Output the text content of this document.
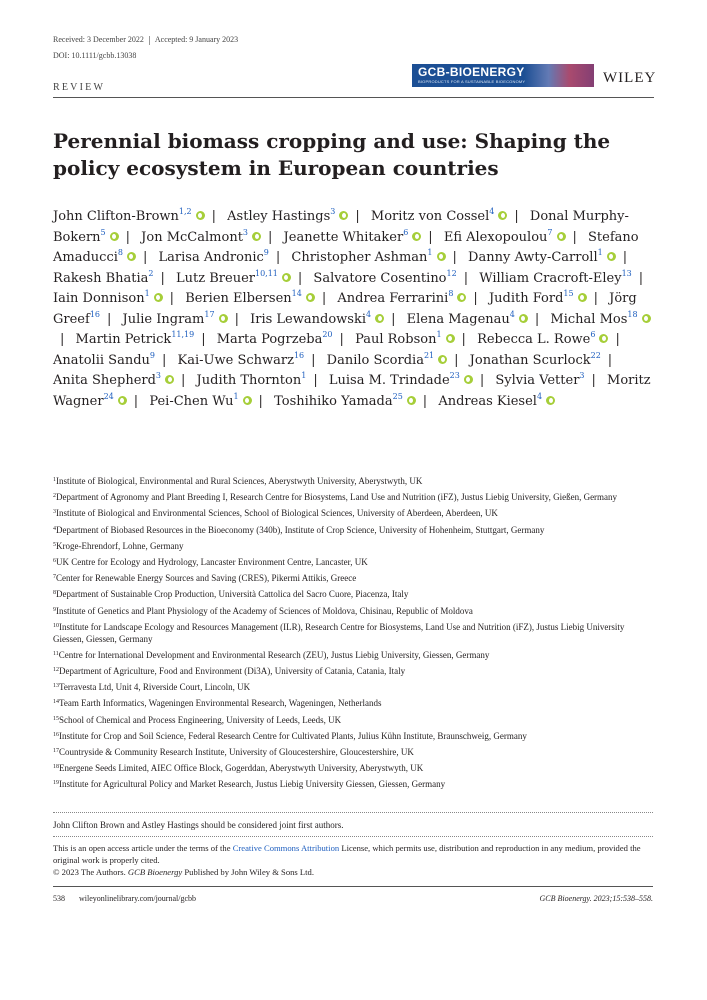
Received: 3 December 2022 Accepted: 9 January 2023
DOI: 10.1111/gcbb.13038
GCB-BIOENERGY
BIOPRODUCTS FOR A SUSTAINABLE BIOECONOMY	WILEY
REVIEW
Perennial biomass cropping and use: Shaping the policy ecosystem in European countries
John Clifton-Brown$^{1,2}$ | Astley Hastings$^3$ | Moritz von Cossel$^4$ | Donal Murphy-Bokern$^5$ | Jon McCalmont$^3$ | Jeanette Whitaker$^6$ | Efi Alexopoulou$^7$ | Stefano Amaducci$^8$ | Larisa Andronic$^9$ | Christopher Ashman$^1$ | Danny Awty-Carroll$^1$ | Rakesh Bhatia$^2$ | Lutz Breuer$^{10,11}$ | Salvatore Cosentino$^{12}$ | William Cracroft-Eley$^{13}$ | Iain Donnison$^1$ | Berien Elbersen$^{14}$ | Andrea Ferrarini$^8$ | Judith Ford$^{15}$ | Jörg Greef$^{16}$ | Julie Ingram$^{17}$ | Iris Lewandowski$^4$ | Elena Magenau$^4$ | Michal Mos$^{18}$| Martin Petrick$^{11,19}$ | Marta Pogrzeba$^{20}$ | Paul Robson$^1$ | Rebecca L. Rowe$^6$ | Anatolii Sandu$^9$ | Kai-Uwe Schwarz$^{16}$ | Danilo Scordia$^{21}$ | Jonathan Scurlock$^{22}$ | Anita Shepherd$^3$ | Judith Thornton$^1$ | Luisa M. Trindade$^{23}$ | Sylvia Vetter$^3$ | Moritz Wagner$^{24}$ | Pei-Chen Wu$^1$ | Toshihiko Yamada$^{25}$ | Andreas Kiesel$^4$
$^1$Institute of Biological, Environmental and Rural Sciences, Aberystwyth University, Aberystwyth, UK
$^2$Department of Agronomy and Plant Breeding I, Research Centre for Biosystems, Land Use and Nutrition (iFZ), Justus Liebig University, Gießen, Germany
$^3$Institute of Biological and Environmental Sciences, School of Biological Sciences, University of Aberdeen, Aberdeen, UK
$^4$Department of Biobased Resources in the Bioeconomy (340b), Institute of Crop Science, University of Hohenheim, Stuttgart, Germany
$^5$Kroge-Ehrendorf, Lohne, Germany
$^6$UK Centre for Ecology and Hydrology, Lancaster Environment Centre, Lancaster, UK
$^7$Center for Renewable Energy Sources and Saving (CRES), Pikermi Attikis, Greece
$^8$Department of Sustainable Crop Production, Università Cattolica del Sacro Cuore, Piacenza, Italy
$^9$Institute of Genetics and Plant Physiology of the Academy of Sciences of Moldova, Chisinau, Republic of Moldova
$^{10}$Institute for Landscape Ecology and Resources Management (ILR), Research Centre for Biosystems, Land Use and Nutrition (iFZ), Justus Liebig University Giessen, Giessen, Germany
$^{11}$Centre for International Development and Environmental Research (ZEU), Justus Liebig University, Giessen, Germany
$^{12}$Department of Agriculture, Food and Environment (Di3A), University of Catania, Catania, Italy
$^{13}$Terravesta Ltd, Unit 4, Riverside Court, Lincoln, UK
$^{14}$Team Earth Informatics, Wageningen Environmental Research, Wageningen, Netherlands
$^{15}$School of Chemical and Process Engineering, University of Leeds, Leeds, UK
$^{16}$Institute for Crop and Soil Science, Federal Research Centre for Cultivated Plants, Julius Kühn Institute, Braunschweig, Germany
$^{17}$Countryside & Community Research Institute, University of Gloucestershire, Gloucestershire, UK
$^{18}$Energene Seeds Limited, AIEC Office Block, Gogerddan, Aberystwyth University, Aberystwyth, UK
$^{19}$Institute for Agricultural Policy and Market Research, Justus Liebig University Giessen, Giessen, Germany
John Clifton Brown and Astley Hastings should be considered joint first authors.
This is an open access article under the terms of the Creative Commons Attribution License, which permits use, distribution and reproduction in any medium, provided the original work is properly cited.
© 2023 The Authors. GCB Bioenergy Published by John Wiley & Sons Ltd.
538 wileyonlinelibrary.com/journal/gcbb	GCB Bioenergy. 2023;15:538–558.
